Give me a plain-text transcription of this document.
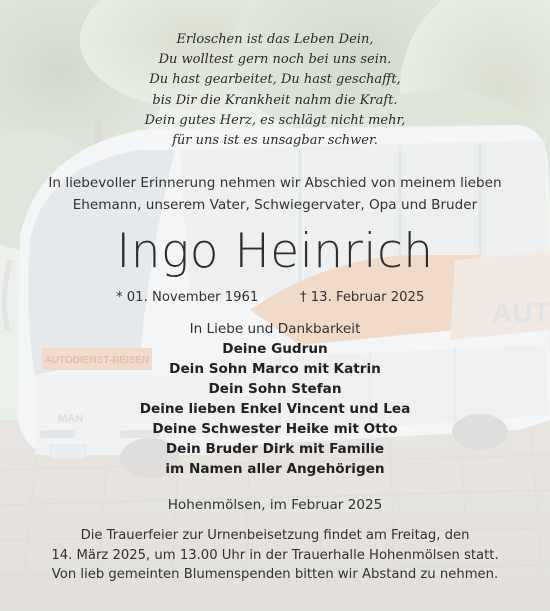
AUTODIENST-REISEN
AUT
MAN
Erloschen ist das Leben Dein,
Du wolltest gern noch bei uns sein.
Du hast gearbeitet, Du hast geschafft,
bis Dir die Krankheit nahm die Kraft.
Dein gutes Herz, es schlägt nicht mehr,
für uns ist es unsagbar schwer.
In liebevoller Erinnerung nehmen wir Abschied von meinem lieben
Ehemann, unserem Vater, Schwiegervater, Opa und Bruder
Ingo Heinrich
* 01. November 1961	† 13. Februar 2025
In Liebe und Dankbarkeit
Deine Gudrun
Dein Sohn Marco mit Katrin
Dein Sohn Stefan
Deine lieben Enkel Vincent und Lea
Deine Schwester Heike mit Otto
Dein Bruder Dirk mit Familie
im Namen aller Angehörigen
Hohenmölsen, im Februar 2025
Die Trauerfeier zur Urnenbeisetzung findet am Freitag, den
14. März 2025, um 13.00 Uhr in der Trauerhalle Hohenmölsen statt.
Von lieb gemeinten Blumenspenden bitten wir Abstand zu nehmen.
